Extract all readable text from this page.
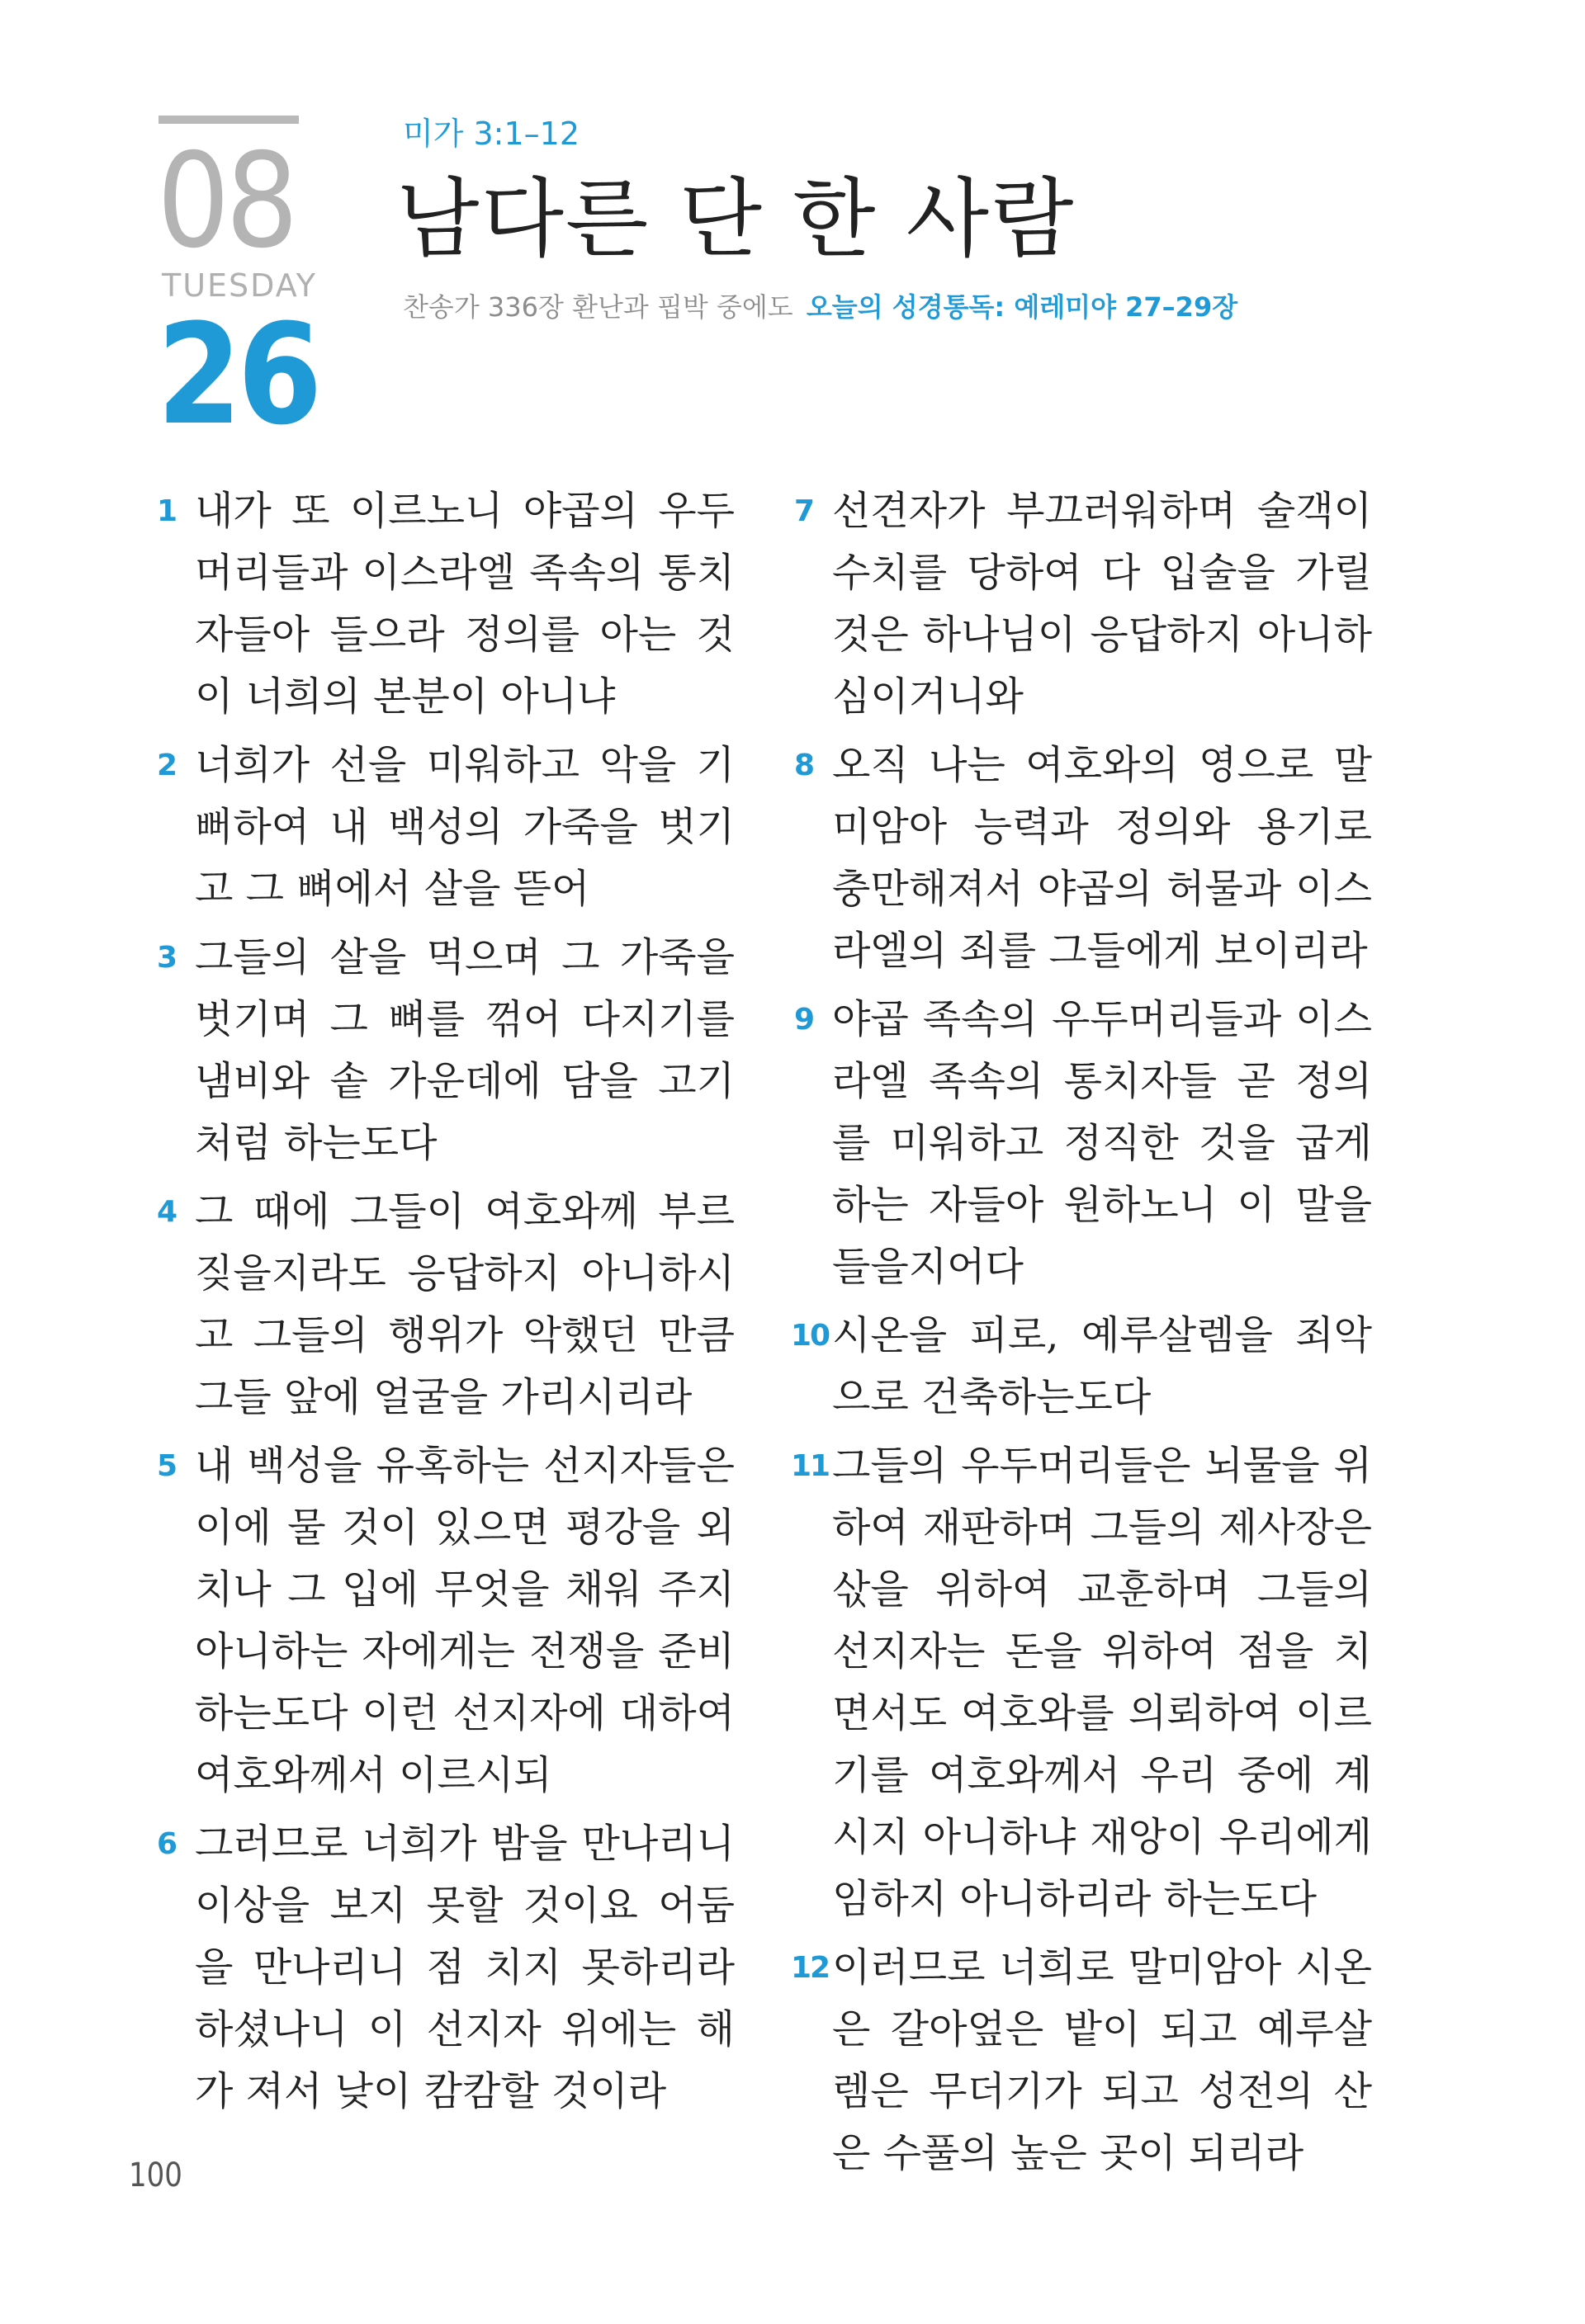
08
TUESDAY
26
미가 3:1–12
남다른 단 한 사람
찬송가 336장 환난과 핍박 중에도 오늘의 성경통독: 예레미야 27–29장
1 내가 또 이르노니 야곱의 우두머리들과 이스라엘 족속의 통치자들아 들으라 정의를 아는 것이 너희의 본분이 아니냐
2 너희가 선을 미워하고 악을 기뻐하여 내 백성의 가죽을 벗기고 그 뼈에서 살을 뜯어
3 그들의 살을 먹으며 그 가죽을 벗기며 그 뼈를 꺾어 다지기를 냄비와 솥 가운데에 담을 고기처럼 하는도다
4 그 때에 그들이 여호와께 부르짖을지라도 응답하지 아니하시고 그들의 행위가 악했던 만큼 그들 앞에 얼굴을 가리시리라
5 내 백성을 유혹하는 선지자들은 이에 물 것이 있으면 평강을 외치나 그 입에 무엇을 채워 주지 아니하는 자에게는 전쟁을 준비하는도다 이런 선지자에 대하여 여호와께서 이르시되
6 그러므로 너희가 밤을 만나리니 이상을 보지 못할 것이요 어둠을 만나리니 점 치지 못하리라 하셨나니 이 선지자 위에는 해가 져서 낮이 캄캄할 것이라
7 선견자가 부끄러워하며 술객이 수치를 당하여 다 입술을 가릴 것은 하나님이 응답하지 아니하심이거니와
8 오직 나는 여호와의 영으로 말미암아 능력과 정의와 용기로 충만해져서 야곱의 허물과 이스라엘의 죄를 그들에게 보이리라
9 야곱 족속의 우두머리들과 이스라엘 족속의 통치자들 곧 정의를 미워하고 정직한 것을 굽게 하는 자들아 원하노니 이 말을 들을지어다
10 시온을 피로, 예루살렘을 죄악으로 건축하는도다
11 그들의 우두머리들은 뇌물을 위하여 재판하며 그들의 제사장은 삯을 위하여 교훈하며 그들의 선지자는 돈을 위하여 점을 치면서도 여호와를 의뢰하여 이르기를 여호와께서 우리 중에 계시지 아니하냐 재앙이 우리에게 임하지 아니하리라 하는도다
12 이러므로 너희로 말미암아 시온은 갈아엎은 밭이 되고 예루살렘은 무더기가 되고 성전의 산은 수풀의 높은 곳이 되리라
100
